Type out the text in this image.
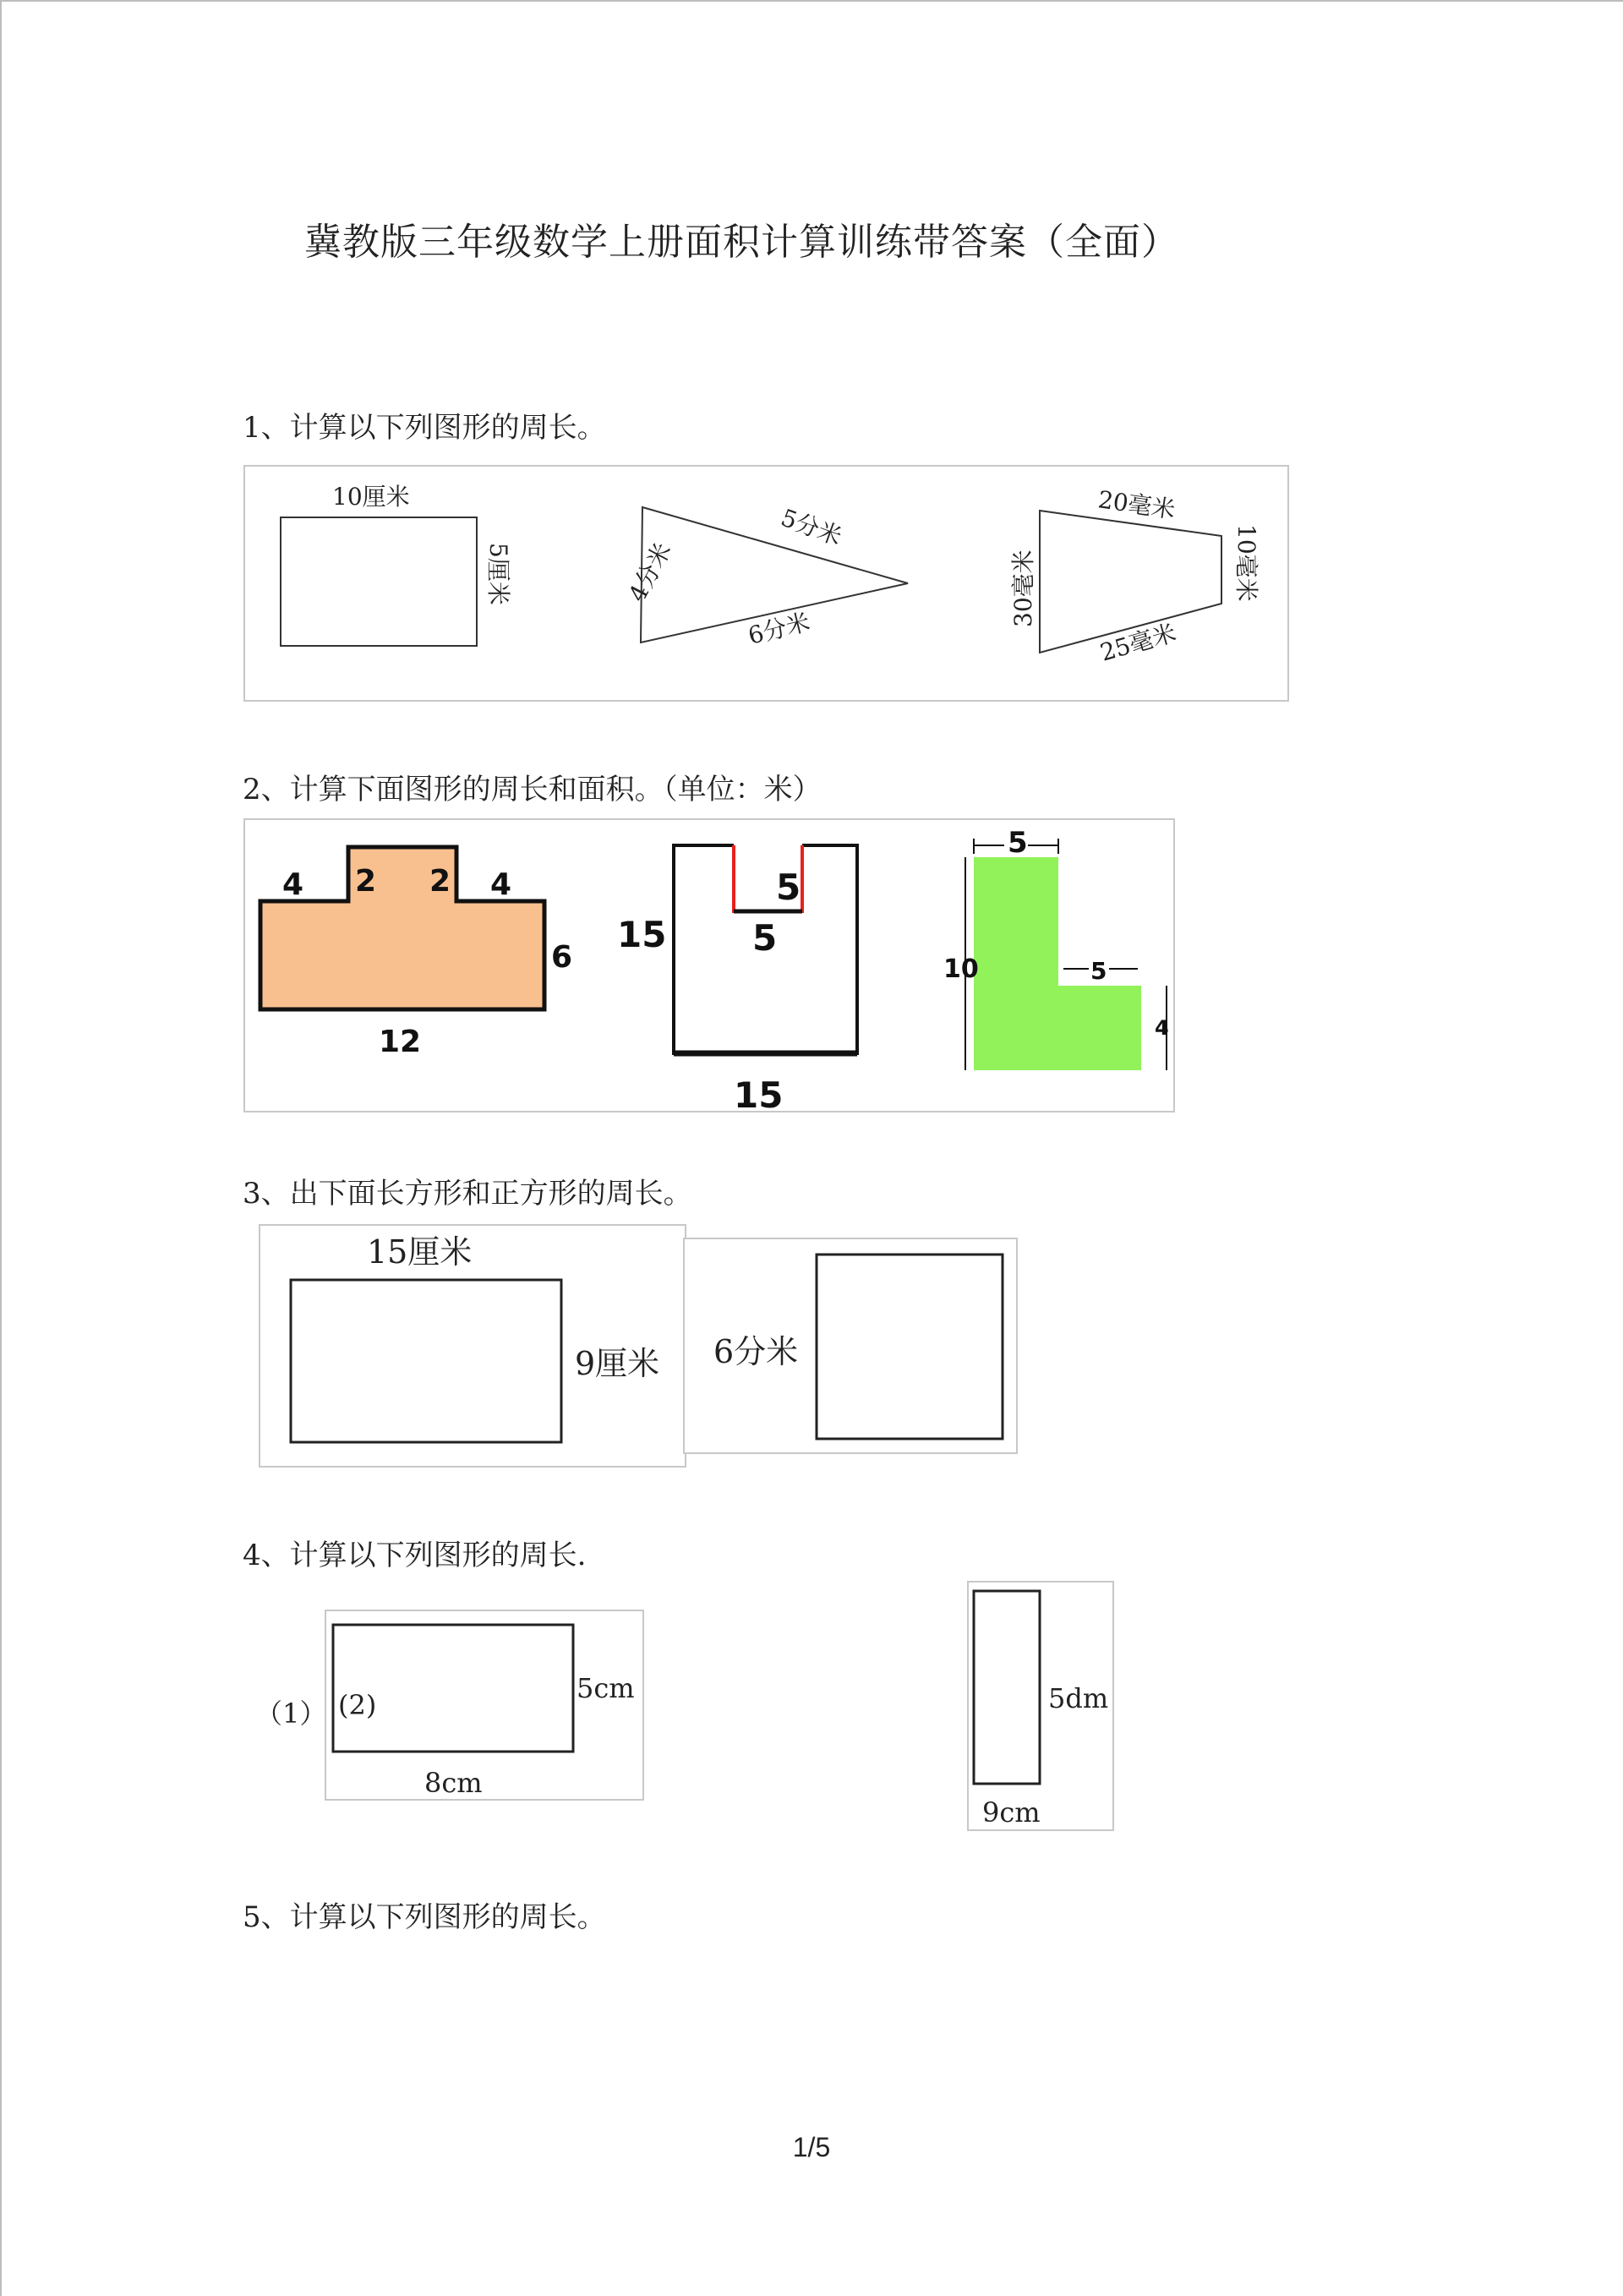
冀教版三年级数学上册面积计算训练带答案（全面）
1、计算以下列图形的周长。
10厘米
5厘米	4分米
5分米
6分米
20毫米
30毫米	10毫米
25毫米
2、计算下面图形的周长和面积。（单位：米）
4 2 2 4
6
12
5
5
15
15
5
10	5
4
3、出下面长方形和正方形的周长。
15厘米
9厘米 6分米
4、计算以下列图形的周长.
（1） (2)
5cm
8cm
5dm
9cm
5、计算以下列图形的周长。
1/5
